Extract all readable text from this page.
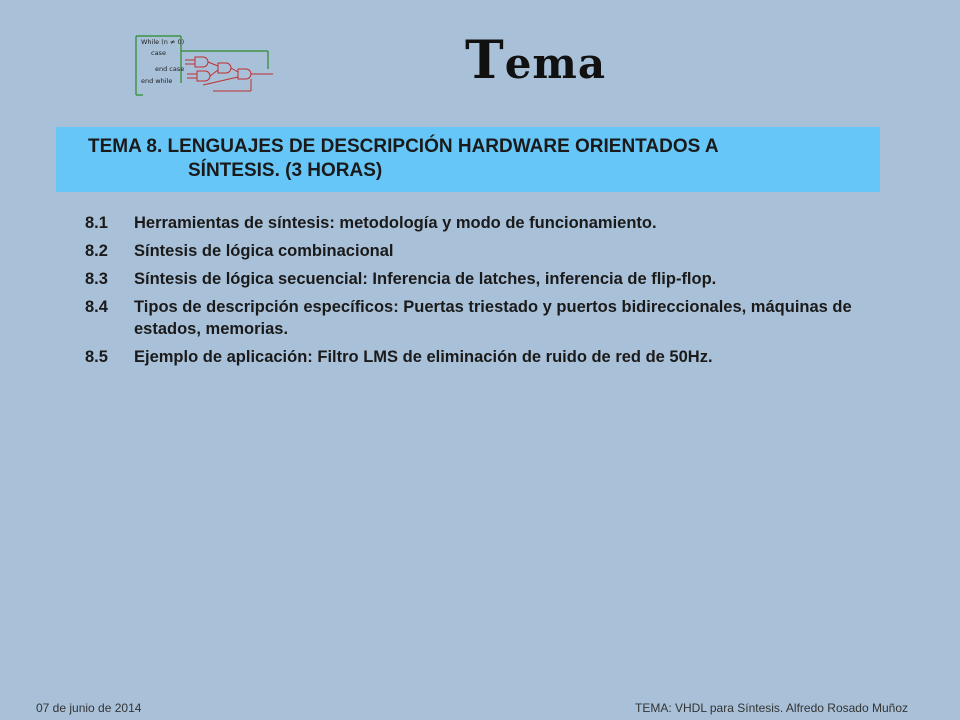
While (n ≠ 0)
case
end case
end while	Tema
TEMA 8. LENGUAJES DE DESCRIPCIÓN HARDWARE ORIENTADOS A
SÍNTESIS. (3 HORAS)
8.1	Herramientas de síntesis: metodología y modo de funcionamiento.
8.2	Síntesis de lógica combinacional
8.3	Síntesis de lógica secuencial: Inferencia de latches, inferencia de flip-flop.
8.4	Tipos de descripción específicos: Puertas triestado y puertos bidireccionales, máquinas de estados, memorias.
8.5	Ejemplo de aplicación: Filtro LMS de eliminación de ruido de red de 50Hz.
07 de junio de 2014	TEMA: VHDL para Síntesis. Alfredo Rosado Muñoz
